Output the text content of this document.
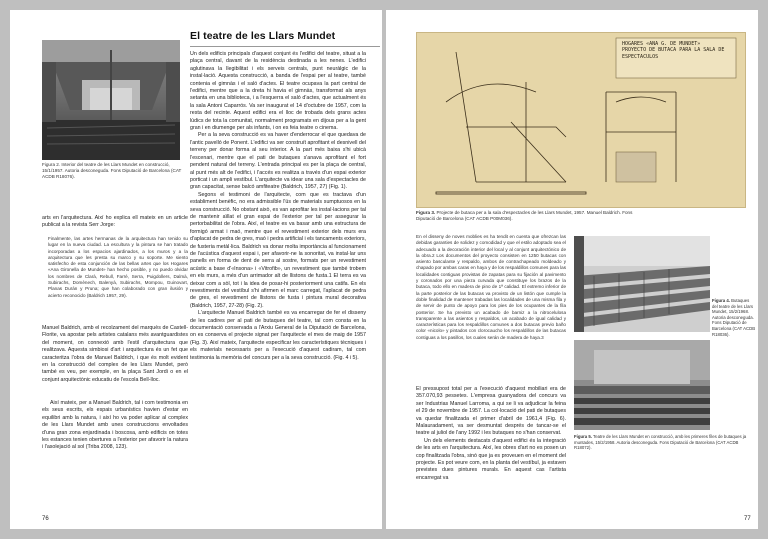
Figura 2. Interior del teatre de les Llars Mundet en construcció, 15/1/1957. Autoria desconeguda. Fons Diputació de Barcelona (CAT ACDB R18076).

arts en l'arquitectura. Així ho explica ell mateix en un article publicat a la revista Serr Jorge:

Finalmente, las artes hermanas de la arquitectura han tenido su lugar en la nueva ciudad. La escultura y la pintura se han tratado incorporadas a los espacios ajardinados, a los muros y a la arquitectura que les presta su marco y su soporte. Me siento satisfecho de esta conjunción de las bellas artes que los Hogares «Ana Gironella de Mundet» han hecho posible, y no puedo olvidar los nombres de Clarà, Rebull, Farré, Serra, Puigdollers, Dalmà, Subirachs, Domènech, Balenyà, Subirachs, Mompou, Guinovart, Planas Durán y Pruna; que han colaborado con gran ilusión y acierto reconocido (Baldrich 1957, 29).

Manuel Baldrich, amb el recolzament del marquès de Castell-Florite, va apostar pels artistes catalans més avantguardistes del moment, on connexió amb l'estil d'arquitectura que realitzava. Aquesta simbiosi d'art i arquitectura és un fet que caracteritza l'obra de Manuel Baldrich, i que és molt evident en la construcció del complex de les Llars Mundet, però també es veu, per exemple, en la plaça Sant Jordi o en el conjunt arquitectònic educatiu de l'escola Bell-lloc.

Així mateix, per a Manuel Baldrich, tal i com testimonia en els seus escrits, els espais urbanístics havien d'estar en equilibri amb la natura, i així ho va poder aplicar al complex de les Llars Mundet amb unes construccions envoltades d'una gran zona enjardinada i boscosa, amb edificis on totes les estances tenien obertures a l'exterior per afavorir la natura i l'asolejació al sol (Triba 2008, 123).

76
El teatre de les Llars Mundet

Un dels edificis principals d'aquest conjunt és l'edifici del teatre, situat a la plaça central, davant de la residència destinada a les nenes. L'edifici aglutinava la llegibilitat i els serveis centrals, punt neuràlgic de la instal·lació. Aquesta construcció, a banda de l'espai per al teatre, també contenia el gimnàs i el saló d'actes. El teatre ocupava la part central de l'edifici, mentre que a la dreta hi havia el gimnàs, transformat als anys setanta en una biblioteca, i a l'esquerra el saló d'actes, que actualment és la sala Antoni Caparrós. Va ser inaugurat el 14 d'octubre de 1957, com la resta del recinte. Aquest edifici era el lloc de trobada dels grans actes lúdics de tota la comunitat, normalment programats en dijous per a la gent gran i en diumenge per als infants, i on es feia teatre o cinema.

Per a la seva construcció es va haver d'enderrocar el que quedava de l'antic pavelló de Ponent. L'edifici va ser construït aprofitant el desnivell del terreny per donar forma al seu interior. A la part més baixa s'hi ubicà l'escenari, mentre que el pati de butaques s'anava aprofitant el fort pendent natural del terreny. L'entrada principal es per la plaça de central, al punt més alt de l'edifici, i l'accés es realitza a través d'un espai exterior porticat i un ampli vestíbul. L'arquitecte va idear una sala d'espectacles de gran capacitat, sense balcó amfiteatre (Baldrich, 1957, 27) (Fig. 1).

Segons el testimoni de l'arquitecte, com que es tractava d'un establiment benèfic, no era admissible l'ús de materials sumptuosos en la seva construcció. No obstant això, es van aprofitar les instal·lacions per tal de mantenir aïllat el gran espai de l'exterior per tal per assegurar la pertorbabilitat de l'obra. Així, el teatre es va basar amb una estructura de formigó armat i maó, mentre que el revestiment exterior dels murs era d'aplacat de pedra de gres, maó i pedra artificial i els tancaments exteriors, de fusteria metàl·lica. Baldrich va donar molta importància al funcionament de l'acústica d'aquest espai i, per afavorir-ne la sonoritat, va instal·lar uns panells en forma de dent de serra al sostre, formats per un revestiment acústic a base d'«Insona» i «Vitrofib», un revestiment que també trobem en els murs, a més d'un arrimador alt de llistons de fusta.1 El terra es va deixar com a sòl, tot i la idea de posar-hi posteriorment una catifa. En els revestiments del vestíbul s'hi afirmen el marc carregat, l'aplacat de pedra de gres, el revestiment de llistons de fusta i pintura mural decorativa (Baldrich, 1957, 27-28) (Fig. 2).

L'arquitecte Manuel Baldrich també es va encarregar de fer el disseny de les cadires per al pati de butaques del teatre, tal com consta en la documentació conservada a l'Arxiu General de la Diputació de Barcelona, on es conserva el projecte signat per l'arquitecte el mes de maig de 1957 (Fig. 3). Així mateix, l'arquitecte especificar les característiques tècniques i els materials necessaris per a l'execució d'aquest cadiram, tal com testimonia la memòria del concurs per a la seva construcció. (Fig. 4 i 5).

HOGARES «ANA G. DE MUNDET»
PROYECTO DE BUTACA PARA LA SALA DE
ESPECTACULOS
Figura 3. Projecte de butaca per a la sala d'espectacles de les Llars Mundet, 1957. Manuel Baldrich. Fons Diputació de Barcelona (CAT ACDB P00M036).

En el disseny de noves moblies es ha tendit en cuenta que ofrezcan las debidas garanties de solidez y comodidad y que el estilo adoptado sea el adecuado a la decoración interior del local y al conjunt arquitectónico de la obra.2 Los documentos del proyecto consisten en 1250 butacas con asiento basculante y respaldo, ambos de contrachapeado moldeado y chapado por ambas caras en haya y de los respaldillos comunes para las localidades contiguas provistas de zapatas para su fijación al pavimento y coronados por una pieza curvada que constituye los brazos de la butaca, todo ello en madera de pino de 1ª calidad. El extremo inferior de la parte posterior de las butacas va provisto de un listón que cumple la doble finalidad de mantener trabadas las localidades de una misma fila y de servir de punto de apoyo para los pies de los ocupantes de la fila posterior. Se ha previsto un acabado de barniz a la nitrocelulosa transparente a las asientos y respaldos, un acabado de igual calidad y características para los respaldillos comunes a dos butacas previo baño color «nicolo» y pintados con clorocaucho los respaldillos de las butacas contiguas a los pasillos, los cuales serán de madera de haya.3

El pressupost total per a l'execució d'aquest mobiliari era de 357.070,93 pessetes. L'empresa guanyadora del concurs va ser Industrias Manuel Larroma, a qui se li va adjudicar la feina el 29 de novembre de 1957. La col·locació del pati de butaques va quedar finalitzada el primer d'abril de 1961,4 (Fig. 6). Malauradament, va ser desmuntat després de tancar-se el teatre al juliol de l'any 1992 i les butaques no s'han conservat.

Un dels elements destacats d'aquest edifici és la integració de les arts en l'arquitectura. Així, les obres d'art no es posen un cop finalitzada l'obra, sinó que ja es proveuen en el moment del projecte. Es pot veure com, en la planta del vestíbul, ja estaven previstes dues pintures murals. En aquest cas l'artista encarregat va

Figura 4. Butaques del teatre de les Llars Mundet, 15/2/1968. Autoria desconeguda. Fons Diputació de Barcelona (CAT ACDB R18036).
Figura 5. Teatre de les Llars Mundet en construcció, amb les primeres files de butaques ja muntades, 15/2/1958. Autoria desconeguda. Fons Diputació de Barcelona (CAT ACDB R18072).
77
